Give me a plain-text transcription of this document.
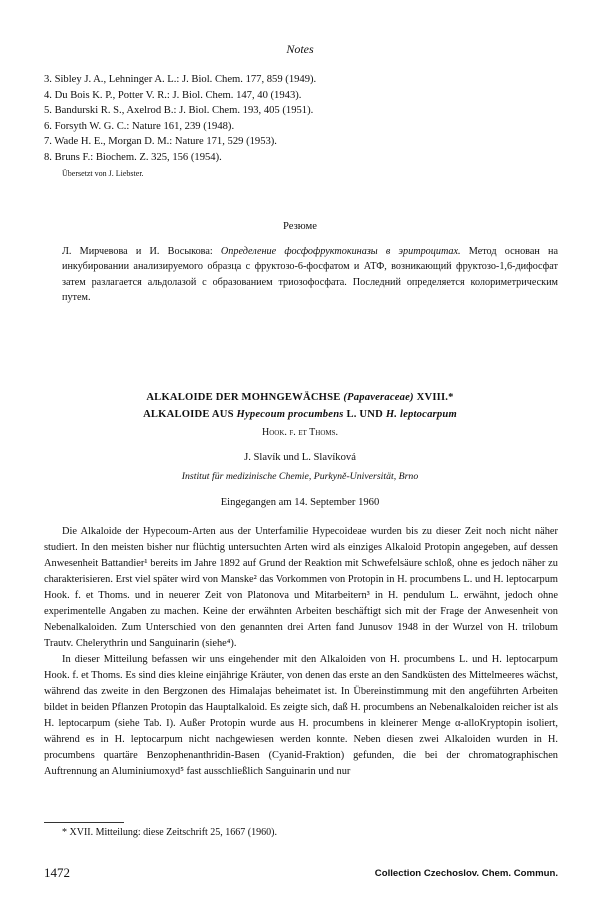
Notes
3. Sibley J. A., Lehninger A. L.: J. Biol. Chem. 177, 859 (1949).
4. Du Bois K. P., Potter V. R.: J. Biol. Chem. 147, 40 (1943).
5. Bandurski R. S., Axelrod B.: J. Biol. Chem. 193, 405 (1951).
6. Forsyth W. G. C.: Nature 161, 239 (1948).
7. Wade H. E., Morgan D. M.: Nature 171, 529 (1953).
8. Bruns F.: Biochem. Z. 325, 156 (1954).
Übersetzt von J. Liebster.
Резюме
Л. Мирчевова и И. Восыкова: Определение фосфофруктокиназы в эритроцитах. Метод основан на инкубировании анализируемого образца с фруктозо-6-фосфатом и АТФ, возникающий фруктозо-1,6-дифосфат затем разлагается альдолазой с образованием триозофосфата. Последний определяется колориметрическим путем.
ALKALOIDE DER MOHNGEWÄCHSE (Papaveraceae) XVIII.*
ALKALOIDE AUS Hypecoum procumbens L. UND H. leptocarpum
Hook. f. et Thoms.
J. Slavík und L. Slavíková
Institut für medizinische Chemie, Purkyně-Universität, Brno
Eingegangen am 14. September 1960

Die Alkaloide der Hypecoum-Arten aus der Unterfamilie Hypecoideae wurden bis zu dieser Zeit noch nicht näher studiert. In den meisten bisher nur flüchtig untersuchten Arten wird als einziges Alkaloid Protopin angegeben, auf dessen Anwesenheit Battandier¹ bereits im Jahre 1892 auf Grund der Reaktion mit Schwefelsäure schloß, ohne es jedoch näher zu charakterisieren. Erst viel später wird von Manske² das Vorkommen von Protopin in H. procumbens L. und H. leptocarpum Hook. f. et Thoms. und in neuerer Zeit von Platonova und Mitarbeitern³ in H. pendulum L. erwähnt, jedoch ohne experimentelle Angaben zu machen. Keine der erwähnten Arbeiten beschäftigt sich mit der Frage der Anwesenheit von Nebenalkaloiden. Zum Unterschied von den genannten drei Arten fand Junusov 1948 in der Wurzel von H. trilobum Trautv. Chelerythrin und Sanguinarin (siehe⁴).

In dieser Mitteilung befassen wir uns eingehender mit den Alkaloiden von H. procumbens L. und H. leptocarpum Hook. f. et Thoms. Es sind dies kleine einjährige Kräuter, von denen das erste an den Sandküsten des Mittelmeeres wächst, während das zweite in den Bergzonen des Himalajas beheimatet ist. In Übereinstimmung mit den angeführten Arbeiten bildet in beiden Pflanzen Protopin das Hauptalkaloid. Es zeigte sich, daß H. procumbens an Nebenalkaloiden reicher ist als H. leptocarpum (siehe Tab. I). Außer Protopin wurde aus H. procumbens in kleinerer Menge α-alloKryptopin isoliert, während es in H. leptocarpum nicht nachgewiesen werden konnte. Neben diesen zwei Alkaloiden wurden in H. procumbens quartäre Benzophenanthridin-Basen (Cyanid-Fraktion) gefunden, die bei der chromatographischen Auftrennung an Aluminiumoxyd⁵ fast ausschließlich Sanguinarin und nur

* XVII. Mitteilung: diese Zeitschrift 25, 1667 (1960).
1472	Collection Czechoslov. Chem. Commun.
